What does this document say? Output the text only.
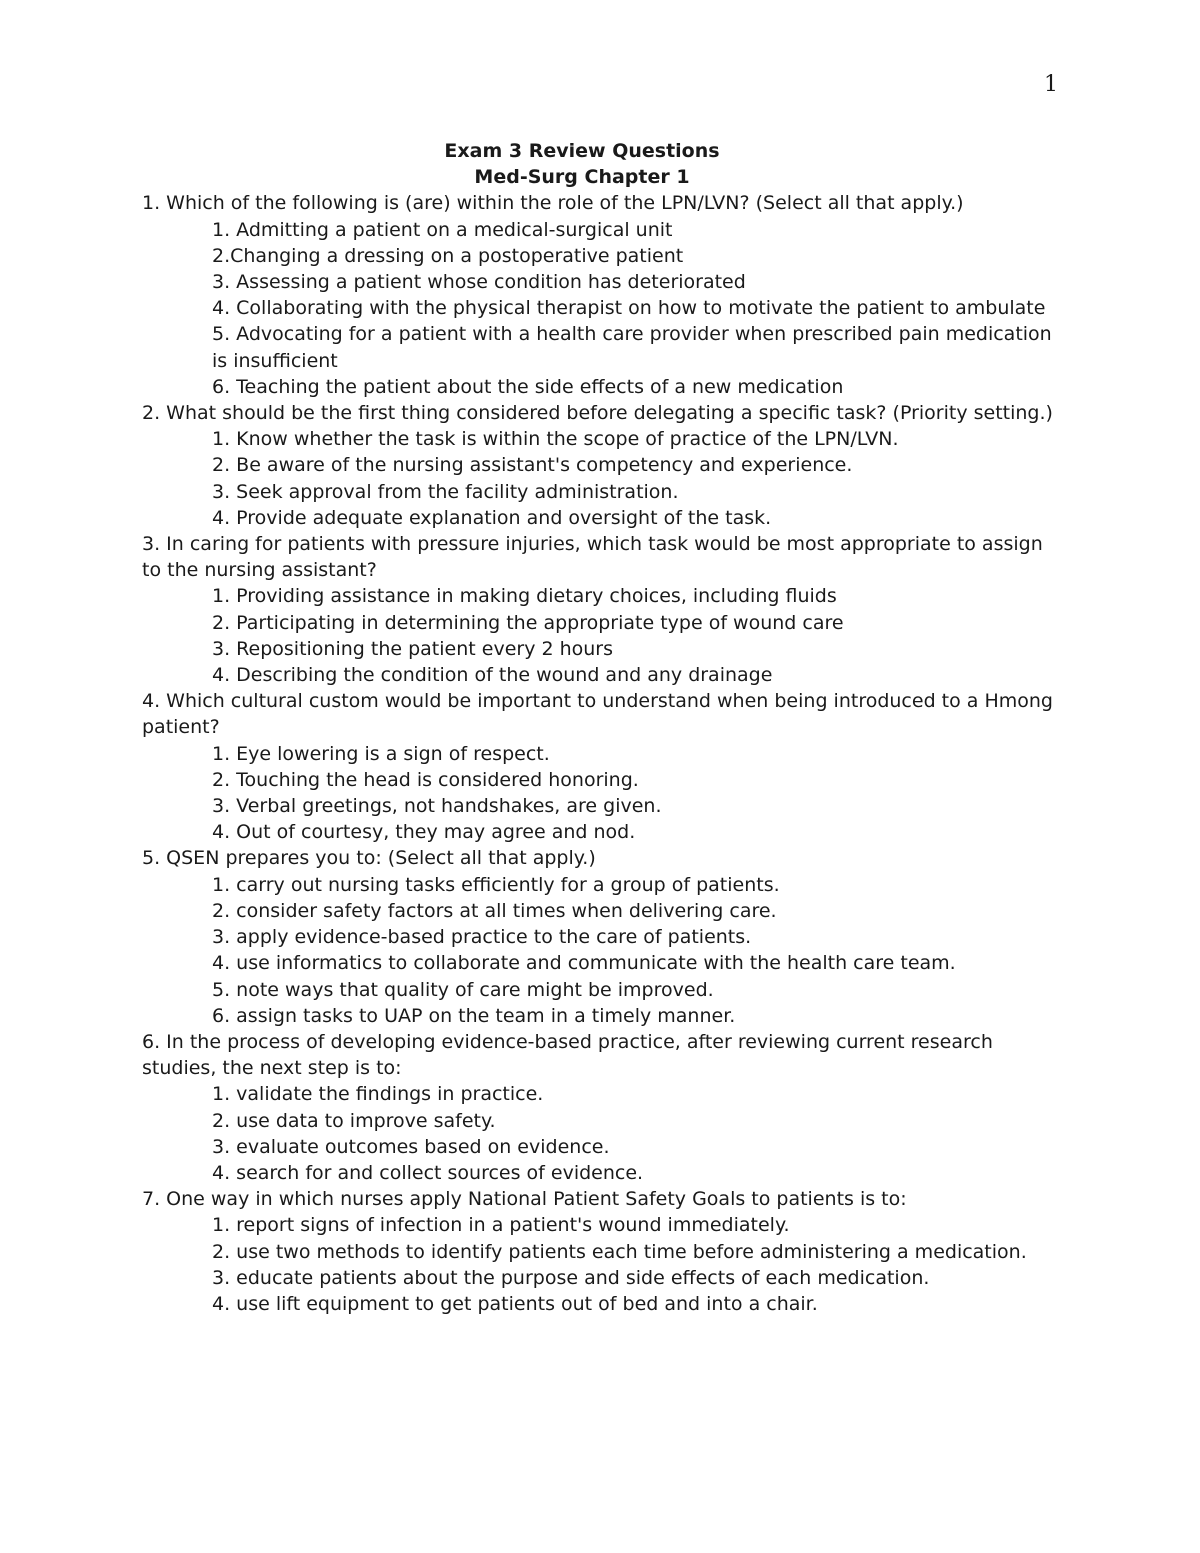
1

Exam 3 Review Questions

Med-Surg Chapter 1

1. Which of the following is (are) within the role of the LPN/LVN? (Select all that apply.)

1. Admitting a patient on a medical-surgical unit

2.Changing a dressing on a postoperative patient

3. Assessing a patient whose condition has deteriorated

4. Collaborating with the physical therapist on how to motivate the patient to ambulate

5. Advocating for a patient with a health care provider when prescribed pain medication is insufficient

6. Teaching the patient about the side effects of a new medication

2. What should be the first thing considered before delegating a specific task? (Priority setting.)

1. Know whether the task is within the scope of practice of the LPN/LVN.

2. Be aware of the nursing assistant's competency and experience.

3. Seek approval from the facility administration.

4. Provide adequate explanation and oversight of the task.

3. In caring for patients with pressure injuries, which task would be most appropriate to assign to the nursing assistant?

1. Providing assistance in making dietary choices, including fluids

2. Participating in determining the appropriate type of wound care

3. Repositioning the patient every 2 hours

4. Describing the condition of the wound and any drainage

4. Which cultural custom would be important to understand when being introduced to a Hmong patient?

1. Eye lowering is a sign of respect.

2. Touching the head is considered honoring.

3. Verbal greetings, not handshakes, are given.

4. Out of courtesy, they may agree and nod.

5. QSEN prepares you to: (Select all that apply.)

1. carry out nursing tasks efficiently for a group of patients.

2. consider safety factors at all times when delivering care.

3. apply evidence-based practice to the care of patients.

4. use informatics to collaborate and communicate with the health care team.

5. note ways that quality of care might be improved.

6. assign tasks to UAP on the team in a timely manner.

6. In the process of developing evidence-based practice, after reviewing current research studies, the next step is to:

1. validate the findings in practice.

2. use data to improve safety.

3. evaluate outcomes based on evidence.

4. search for and collect sources of evidence.

7. One way in which nurses apply National Patient Safety Goals to patients is to:

1. report signs of infection in a patient's wound immediately.

2. use two methods to identify patients each time before administering a medication.

3. educate patients about the purpose and side effects of each medication.

4. use lift equipment to get patients out of bed and into a chair.
